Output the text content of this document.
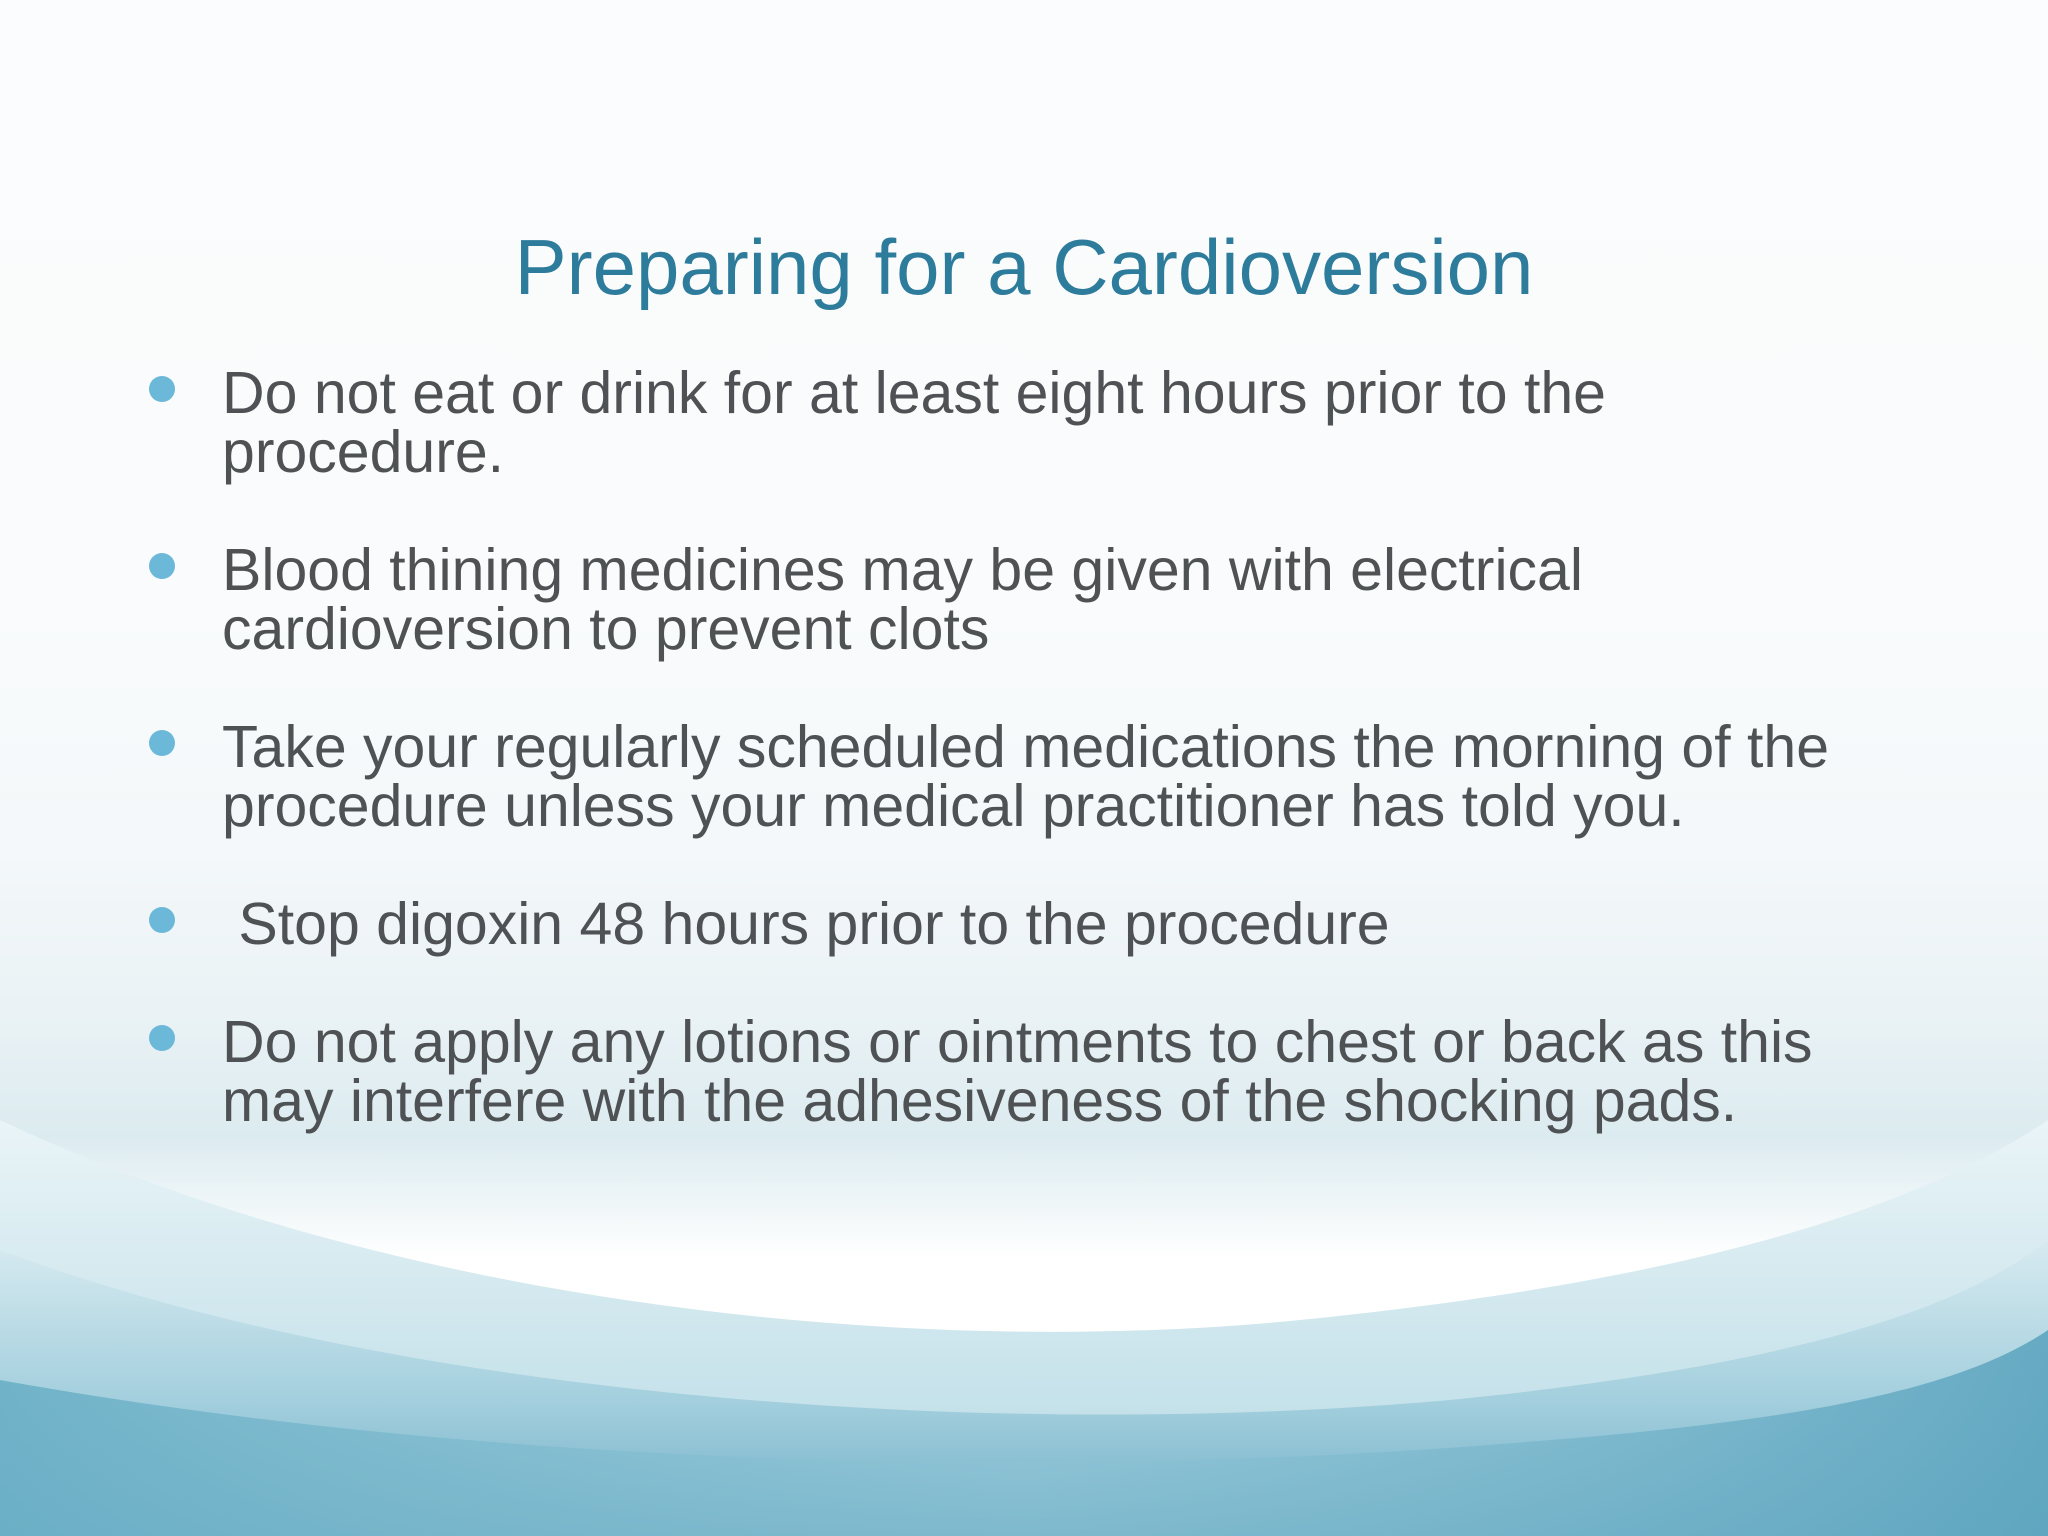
Preparing for a Cardioversion
Do not eat or drink for at least eight hours prior to the procedure.
Blood thining medicines may be given with electrical cardioversion to prevent clots
Take your regularly scheduled medications the morning of the procedure unless your medical practitioner has told you.
Stop digoxin 48 hours prior to the procedure
Do not apply any lotions or ointments to chest or back as this may interfere with the adhesiveness of the shocking pads.
